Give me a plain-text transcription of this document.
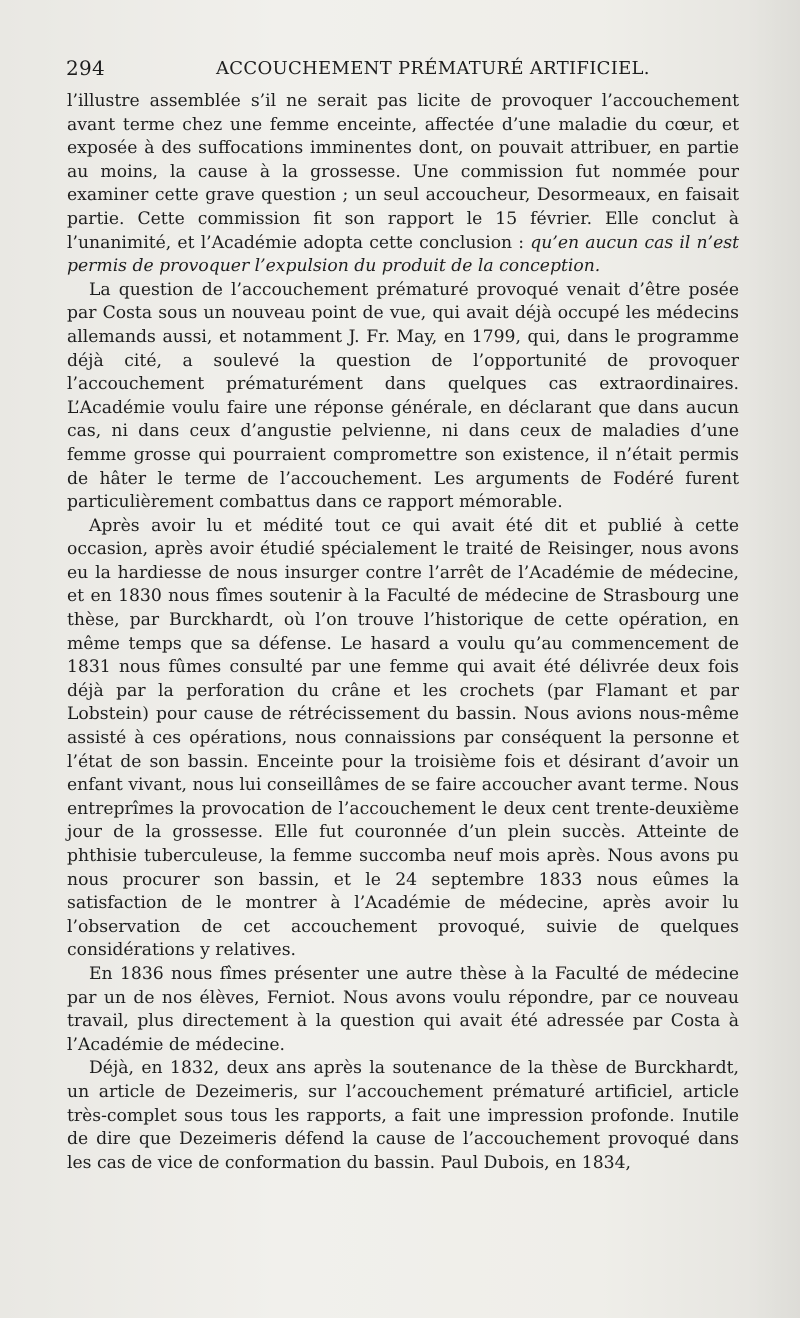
294	ACCOUCHEMENT PRÉMATURÉ ARTIFICIEL.

l’illustre assemblée s’il ne serait pas licite de provoquer l’accouchement avant terme chez une femme enceinte, affectée d’une maladie du cœur, et exposée à des suffocations imminentes dont, on pouvait attribuer, en partie au moins, la cause à la grossesse. Une commission fut nommée pour examiner cette grave question ; un seul accoucheur, Desormeaux, en faisait partie. Cette commission fit son rapport le 15 février. Elle conclut à l’unanimité, et l’Académie adopta cette conclusion : qu’en aucun cas il n’est permis de provoquer l’expulsion du produit de la conception.

La question de l’accouchement prématuré provoqué venait d’être posée par Costa sous un nouveau point de vue, qui avait déjà occupé les médecins allemands aussi, et notamment J. Fr. May, en 1799, qui, dans le programme déjà cité, a soulevé la question de l’opportunité de provoquer l’accouchement prématurément dans quelques cas extraordinaires. L’Académie voulu faire une réponse générale, en déclarant que dans aucun cas, ni dans ceux d’angustie pelvienne, ni dans ceux de maladies d’une femme grosse qui pourraient compromettre son existence, il n’était permis de hâter le terme de l’accouchement. Les arguments de Fodéré furent particulièrement combattus dans ce rapport mémorable.

Après avoir lu et médité tout ce qui avait été dit et publié à cette occasion, après avoir étudié spécialement le traité de Reisinger, nous avons eu la hardiesse de nous insurger contre l’arrêt de l’Académie de médecine, et en 1830 nous fîmes soutenir à la Faculté de médecine de Strasbourg une thèse, par Burckhardt, où l’on trouve l’historique de cette opération, en même temps que sa défense. Le hasard a voulu qu’au commencement de 1831 nous fûmes consulté par une femme qui avait été délivrée deux fois déjà par la perforation du crâne et les crochets (par Flamant et par Lobstein) pour cause de rétrécissement du bassin. Nous avions nous-même assisté à ces opérations, nous connaissions par conséquent la personne et l’état de son bassin. Enceinte pour la troisième fois et désirant d’avoir un enfant vivant, nous lui conseillâmes de se faire accoucher avant terme. Nous entreprîmes la provocation de l’accouchement le deux cent trente-deuxième jour de la grossesse. Elle fut couronnée d’un plein succès. Atteinte de phthisie tuberculeuse, la femme succomba neuf mois après. Nous avons pu nous procurer son bassin, et le 24 septembre 1833 nous eûmes la satisfaction de le montrer à l’Académie de médecine, après avoir lu l’observation de cet accouchement provoqué, suivie de quelques considérations y relatives.

En 1836 nous fîmes présenter une autre thèse à la Faculté de médecine par un de nos élèves, Ferniot. Nous avons voulu répondre, par ce nouveau travail, plus directement à la question qui avait été adressée par Costa à l’Académie de médecine.

Déjà, en 1832, deux ans après la soutenance de la thèse de Burckhardt, un article de Dezeimeris, sur l’accouchement prématuré artificiel, article très-complet sous tous les rapports, a fait une impression profonde. Inutile de dire que Dezeimeris défend la cause de l’accouchement provoqué dans les cas de vice de conformation du bassin. Paul Dubois, en 1834,
